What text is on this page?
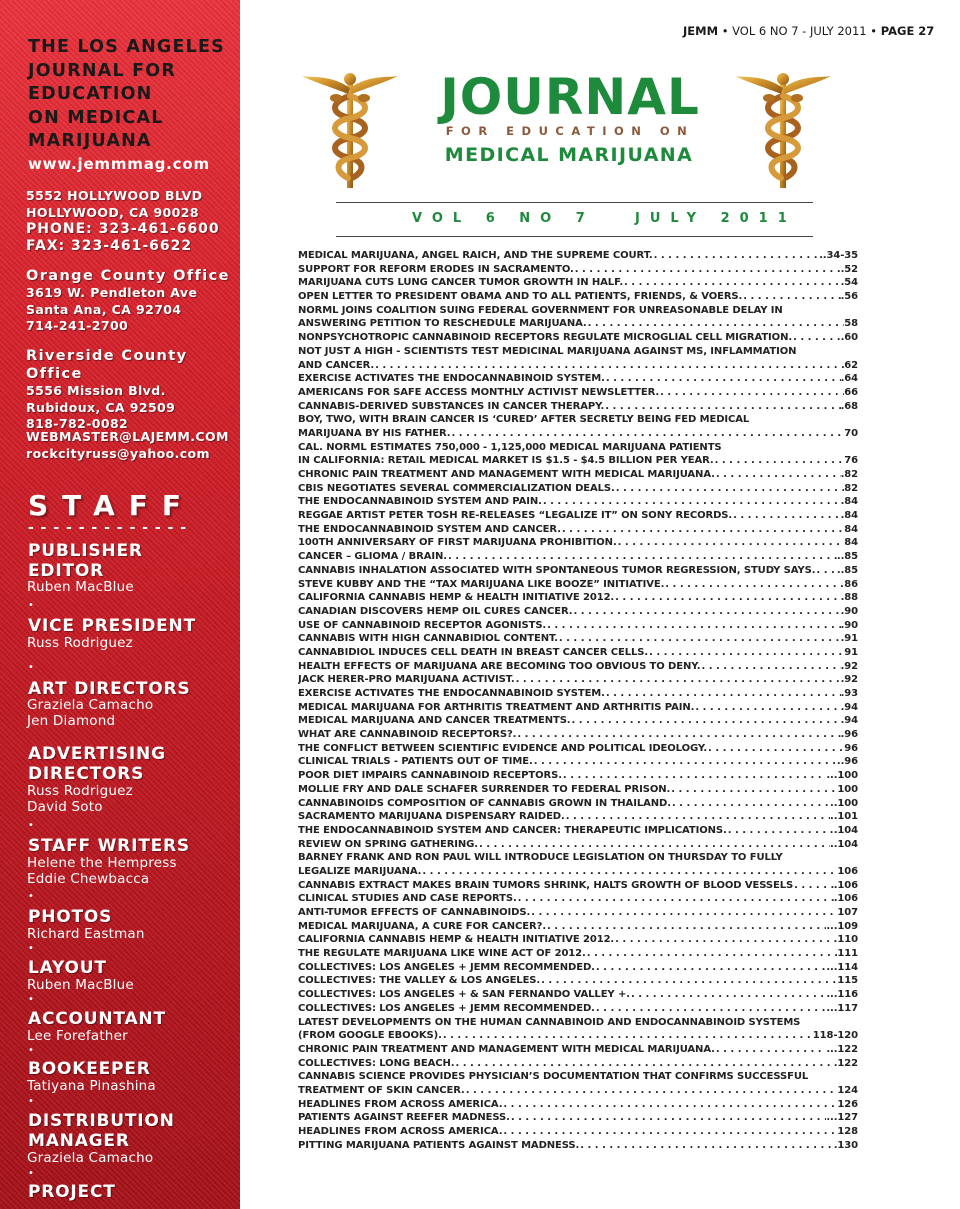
THE LOS ANGELES
JOURNAL FOR
EDUCATION
ON MEDICAL
MARIJUANA
www.jemmmag.com
5552 HOLLYWOOD BLVD
HOLLYWOOD, CA 90028
PHONE: 323-461-6600
FAX: 323-461-6622
Orange County Office
3619 W. Pendleton Ave
Santa Ana, CA 92704
714-241-2700
Riverside County Office
5556 Mission Blvd.
Rubidoux, CA 92509
818-782-0082
WEBMASTER@LAJEMM.COM
rockcityruss@yahoo.com
STAFF
- - - - - - - - - - - - -
PUBLISHER
EDITOR
Ruben MacBlue
•
VICE PRESIDENT
Russ Rodriguez
•
ART DIRECTORS
Graziela Camacho
Jen Diamond
ADVERTISING
DIRECTORS
Russ Rodriguez
David Soto
•
STAFF WRITERS
Helene the Hempress
Eddie Chewbacca
•
PHOTOS
Richard Eastman
•
LAYOUT
Ruben MacBlue
•
ACCOUNTANT
Lee Forefather
•
BOOKEEPER
Tatiyana Pinashina
•
DISTRIBUTION
MANAGER
Graziela Camacho
•
PROJECT
JEMM • VOL 6 NO 7 - JULY 2011 • PAGE 27
JOURNAL
FOR EDUCATION ON
MEDICAL MARIJUANA
VOL 6 NO 7	JULY 2011
MEDICAL MARIJUANA, ANGEL RAICH, AND THE SUPREME COURT. . . .	..34-35
SUPPORT FOR REFORM ERODES IN SACRAMENTO. . . .	.52
MARIJUANA CUTS LUNG CANCER TUMOR GROWTH IN HALF. . . .	.54
OPEN LETTER TO PRESIDENT OBAMA AND TO ALL PATIENTS, FRIENDS, & VOERS. . . .	.56
NORML JOINS COALITION SUING FEDERAL GOVERNMENT FOR UNREASONABLE DELAY IN
ANSWERING PETITION TO RESCHEDULE MARIJUANA. . . .	58
NONPSYCHOTROPIC CANNABINOID RECEPTORS REGULATE MICROGLIAL CELL MIGRATION. . . .	.60
NOT JUST A HIGH - SCIENTISTS TEST MEDICINAL MARIJUANA AGAINST MS, INFLAMMATION
AND CANCER. . . .	62
EXERCISE ACTIVATES THE ENDOCANNABINOID SYSTEM. . . .	.64
AMERICANS FOR SAFE ACCESS MONTHLY ACTIVIST NEWSLETTER. . . .	66
CANNABIS-DERIVED SUBSTANCES IN CANCER THERAPY. . . .	.68
BOY, TWO, WITH BRAIN CANCER IS ‘CURED’ AFTER SECRETLY BEING FED MEDICAL
MARIJUANA BY HIS FATHER. . . .	70
CAL. NORML ESTIMATES 750,000 - 1,125,000 MEDICAL MARIJUANA PATIENTS
IN CALIFORNIA: RETAIL MEDICAL MARKET IS $1.5 - $4.5 BILLION PER YEAR. . . .	76
CHRONIC PAIN TREATMENT AND MANAGEMENT WITH MEDICAL MARIJUANA. . . .	.82
CBIS NEGOTIATES SEVERAL COMMERCIALIZATION DEALS. . . .	82
THE ENDOCANNABINOID SYSTEM AND PAIN. . . .	.84
REGGAE ARTIST PETER TOSH RE-RELEASES “LEGALIZE IT” ON SONY RECORDS. . . .	.84
THE ENDOCANNABINOID SYSTEM AND CANCER. . . .	84
100TH ANNIVERSARY OF FIRST MARIJUANA PROHIBITION. . . .	84
CANCER – GLIOMA / BRAIN. . . .	..85
CANNABIS INHALATION ASSOCIATED WITH SPONTANEOUS TUMOR REGRESSION, STUDY SAYS. . . . ..85
STEVE KUBBY AND THE “TAX MARIJUANA LIKE BOOZE” INITIATIVE. . . .	86
CALIFORNIA CANNABIS HEMP & HEALTH INITIATIVE 2012. . . .	.88
CANADIAN DISCOVERS HEMP OIL CURES CANCER. . . .	.90
USE OF CANNABINOID RECEPTOR AGONISTS. . . .	.90
CANNABIS WITH HIGH CANNABIDIOL CONTENT. . . .	.91
CANNABIDIOL INDUCES CELL DEATH IN BREAST CANCER CELLS. . . .	91
HEALTH EFFECTS OF MARIJUANA ARE BECOMING TOO OBVIOUS TO DENY. . . .	.92
JACK HERER-PRO MARIJUANA ACTIVIST. . . .	.92
EXERCISE ACTIVATES THE ENDOCANNABINOID SYSTEM. . . .	.93
MEDICAL MARIJUANA FOR ARTHRITIS TREATMENT AND ARTHRITIS PAIN. . . .	.94
MEDICAL MARIJUANA AND CANCER TREATMENTS. . . .	.94
WHAT ARE CANNABINOID RECEPTORS?. . . .	.96
THE CONFLICT BETWEEN SCIENTIFIC EVIDENCE AND POLITICAL IDEOLOGY. . . .	96
CLINICAL TRIALS - PATIENTS OUT OF TIME. . . .	..96
POOR DIET IMPAIRS CANNABINOID RECEPTORS. . . .	...100
MOLLIE FRY AND DALE SCHAFER SURRENDER TO FEDERAL PRISON. . . .	100
CANNABINOIDS COMPOSITION OF CANNABIS GROWN IN THAILAND. . . .	..100
SACRAMENTO MARIJUANA DISPENSARY RAIDED. . . .	..101
THE ENDOCANNABINOID SYSTEM AND CANCER: THERAPEUTIC IMPLICATIONS. . . .	.104
REVIEW ON SPRING GATHERING. . . .	..104
BARNEY FRANK AND RON PAUL WILL INTRODUCE LEGISLATION ON THURSDAY TO FULLY
LEGALIZE MARIJUANA. . . .	106
CANNABIS EXTRACT MAKES BRAIN TUMORS SHRINK, HALTS GROWTH OF BLOOD VESSELS . . .	.106
CLINICAL STUDIES AND CASE REPORTS. . . .	.106
ANTI-TUMOR EFFECTS OF CANNABINOIDS. . . .	107
MEDICAL MARIJUANA, A CURE FOR CANCER?. . . .	...109
CALIFORNIA CANNABIS HEMP & HEALTH INITIATIVE 2012. . . .	110
THE REGULATE MARIJUANA LIKE WINE ACT OF 2012. . . .	111
COLLECTIVES: LOS ANGELES + JEMM RECOMMENDED. . . .	...114
COLLECTIVES: THE VALLEY & LOS ANGELES. . . .	115
COLLECTIVES: LOS ANGELES + & SAN FERNANDO VALLEY +. . . .	...116
COLLECTIVES: LOS ANGELES + JEMM RECOMMENDED. . . .	...117
LATEST DEVELOPMENTS ON THE HUMAN CANNABINOID AND ENDOCANNABINOID SYSTEMS
(FROM GOOGLE EBOOKS). . . .	118-120
CHRONIC PAIN TREATMENT AND MANAGEMENT WITH MEDICAL MARIJUANA. . . .	...122
COLLECTIVES: LONG BEACH. . . .	.122
CANNABIS SCIENCE PROVIDES PHYSICIAN’S DOCUMENTATION THAT CONFIRMS SUCCESSFUL
TREATMENT OF SKIN CANCER. . . .	124
HEADLINES FROM ACROSS AMERICA. . . .	126
PATIENTS AGAINST REEFER MADNESS. . . .	...127
HEADLINES FROM ACROSS AMERICA. . . .	128
PITTING MARIJUANA PATIENTS AGAINST MADNESS. . . .	.130
